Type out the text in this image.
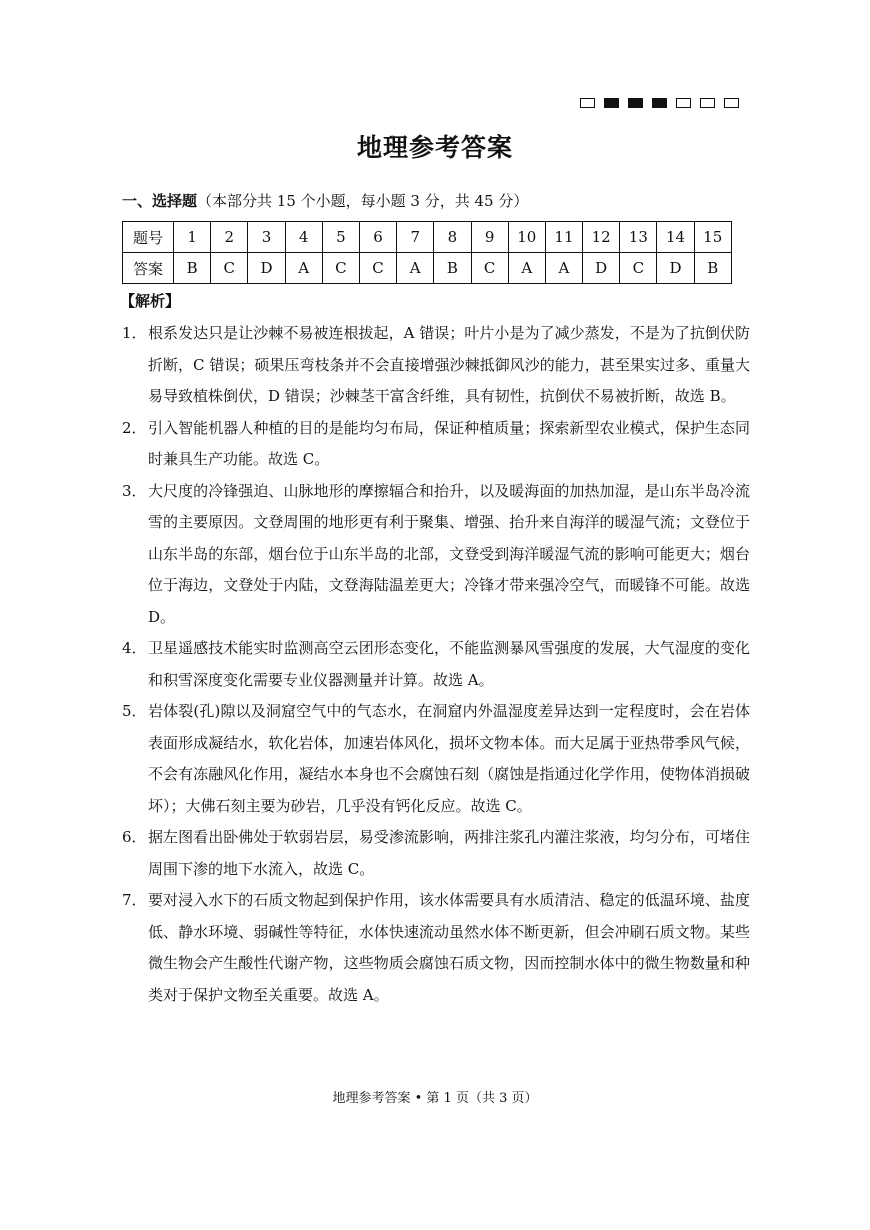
地理参考答案
一、选择题（本部分共 15 个小题，每小题 3 分，共 45 分）
题号	1	2	3	4	5	6	7	8	9	10	11	12	13	14	15
答案	B	C	D	A	C	C	A	B	C	A	A	D	C	D	B
【解析】
1． 根系发达只是让沙棘不易被连根拔起，A 错误；叶片小是为了减少蒸发，不是为了抗倒伏防折断，C 错误；硕果压弯枝条并不会直接增强沙棘抵御风沙的能力，甚至果实过多、重量大易导致植株倒伏，D 错误；沙棘茎干富含纤维，具有韧性，抗倒伏不易被折断，故选 B。
2． 引入智能机器人种植的目的是能均匀布局，保证种植质量；探索新型农业模式，保护生态同时兼具生产功能。故选 C。
3． 大尺度的冷锋强迫、山脉地形的摩擦辐合和抬升，以及暖海面的加热加湿，是山东半岛冷流雪的主要原因。文登周围的地形更有利于聚集、增强、抬升来自海洋的暖湿气流；文登位于山东半岛的东部，烟台位于山东半岛的北部，文登受到海洋暖湿气流的影响可能更大；烟台位于海边，文登处于内陆，文登海陆温差更大；冷锋才带来强冷空气，而暖锋不可能。故选 D。
4． 卫星遥感技术能实时监测高空云团形态变化，不能监测暴风雪强度的发展，大气湿度的变化和积雪深度变化需要专业仪器测量并计算。故选 A。
5． 岩体裂(孔)隙以及洞窟空气中的气态水，在洞窟内外温湿度差异达到一定程度时，会在岩体表面形成凝结水，软化岩体，加速岩体风化，损坏文物本体。而大足属于亚热带季风气候，不会有冻融风化作用，凝结水本身也不会腐蚀石刻（腐蚀是指通过化学作用，使物体消损破坏）；大佛石刻主要为砂岩，几乎没有钙化反应。故选 C。
6． 据左图看出卧佛处于软弱岩层，易受渗流影响，两排注浆孔内灌注浆液，均匀分布，可堵住周围下渗的地下水流入，故选 C。
7． 要对浸入水下的石质文物起到保护作用，该水体需要具有水质清洁、稳定的低温环境、盐度低、静水环境、弱碱性等特征，水体快速流动虽然水体不断更新，但会冲刷石质文物。某些微生物会产生酸性代谢产物，这些物质会腐蚀石质文物，因而控制水体中的微生物数量和种类对于保护文物至关重要。故选 A。
地理参考答案 • 第 1 页（共 3 页）
